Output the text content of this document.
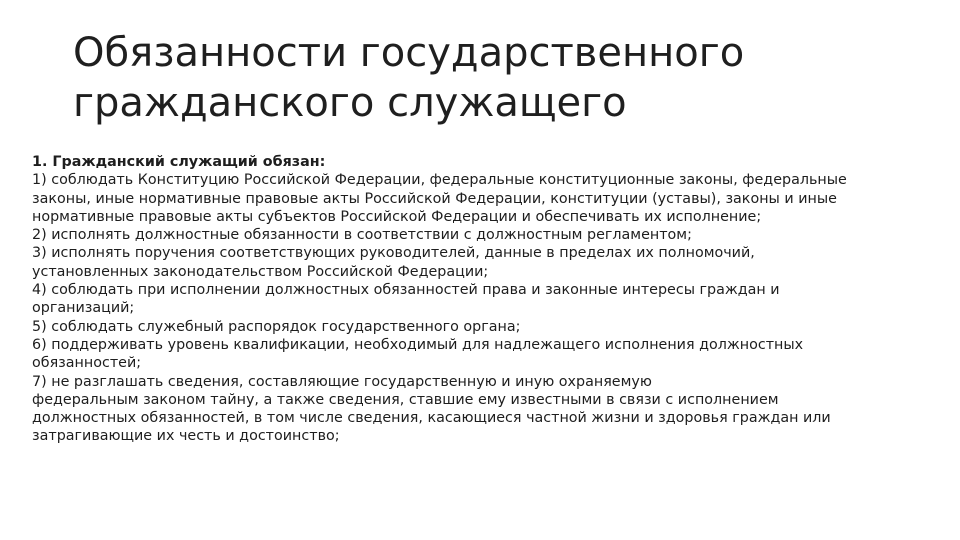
Обязанности государственного
гражданского служащего
1. Гражданский служащий обязан:
1) соблюдать Конституцию Российской Федерации, федеральные конституционные законы, федеральные
законы, иные нормативные правовые акты Российской Федерации, конституции (уставы), законы и иные
нормативные правовые акты субъектов Российской Федерации и обеспечивать их исполнение;
2) исполнять должностные обязанности в соответствии с должностным регламентом;
3) исполнять поручения соответствующих руководителей, данные в пределах их полномочий,
установленных законодательством Российской Федерации;
4) соблюдать при исполнении должностных обязанностей права и законные интересы граждан и
организаций;
5) соблюдать служебный распорядок государственного органа;
6) поддерживать уровень квалификации, необходимый для надлежащего исполнения должностных
обязанностей;
7) не разглашать сведения, составляющие государственную и иную охраняемую
федеральным законом тайну, а также сведения, ставшие ему известными в связи с исполнением
должностных обязанностей, в том числе сведения, касающиеся частной жизни и здоровья граждан или
затрагивающие их честь и достоинство;
